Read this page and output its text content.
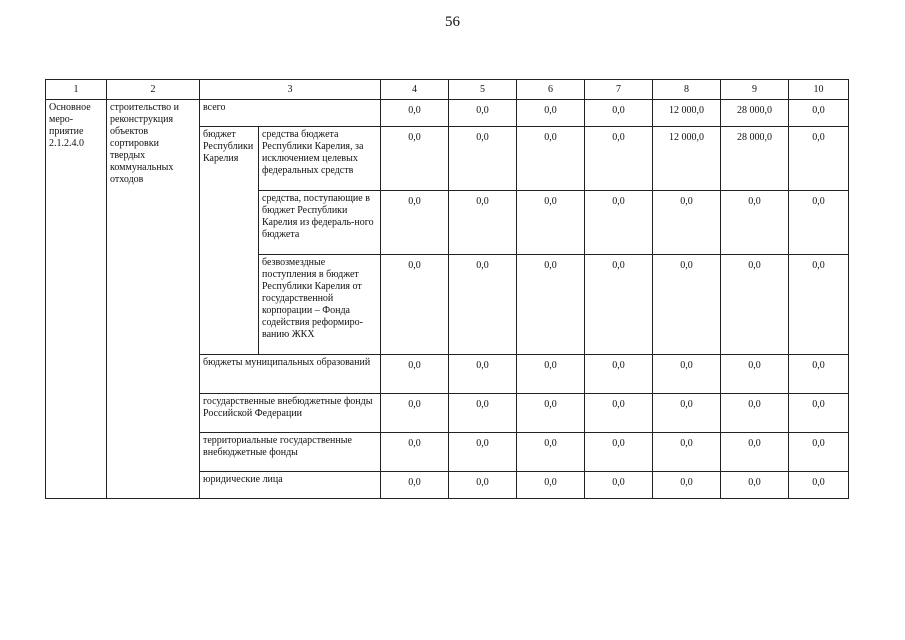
56
1	2	3		4	5	6	7	8	9	10
Основное меро-приятие 2.1.2.4.0	строительство и реконструкция объектов сортировки твердых коммунальных отходов	всего		0,0	0,0	0,0	0,0	12 000,0	28 000,0	0,0
		бюджет Республики Карелия	средства бюджета Республики Карелия, за исключением целевых федеральных средств	0,0	0,0	0,0	0,0	12 000,0	28 000,0	0,0
			средства, поступающие в бюджет Республики Карелия из федераль-ного бюджета	0,0	0,0	0,0	0,0	0,0	0,0	0,0
			безвозмездные поступления в бюджет Республики Карелия от государственной корпорации – Фонда содействия реформиро-ванию ЖКХ	0,0	0,0	0,0	0,0	0,0	0,0	0,0
		бюджеты муниципальных образований		0,0	0,0	0,0	0,0	0,0	0,0	0,0
		государственные внебюджетные фонды Российской Федерации		0,0	0,0	0,0	0,0	0,0	0,0	0,0
		территориальные государственные внебюджетные фонды		0,0	0,0	0,0	0,0	0,0	0,0	0,0
		юридические лица		0,0	0,0	0,0	0,0	0,0	0,0	0,0
